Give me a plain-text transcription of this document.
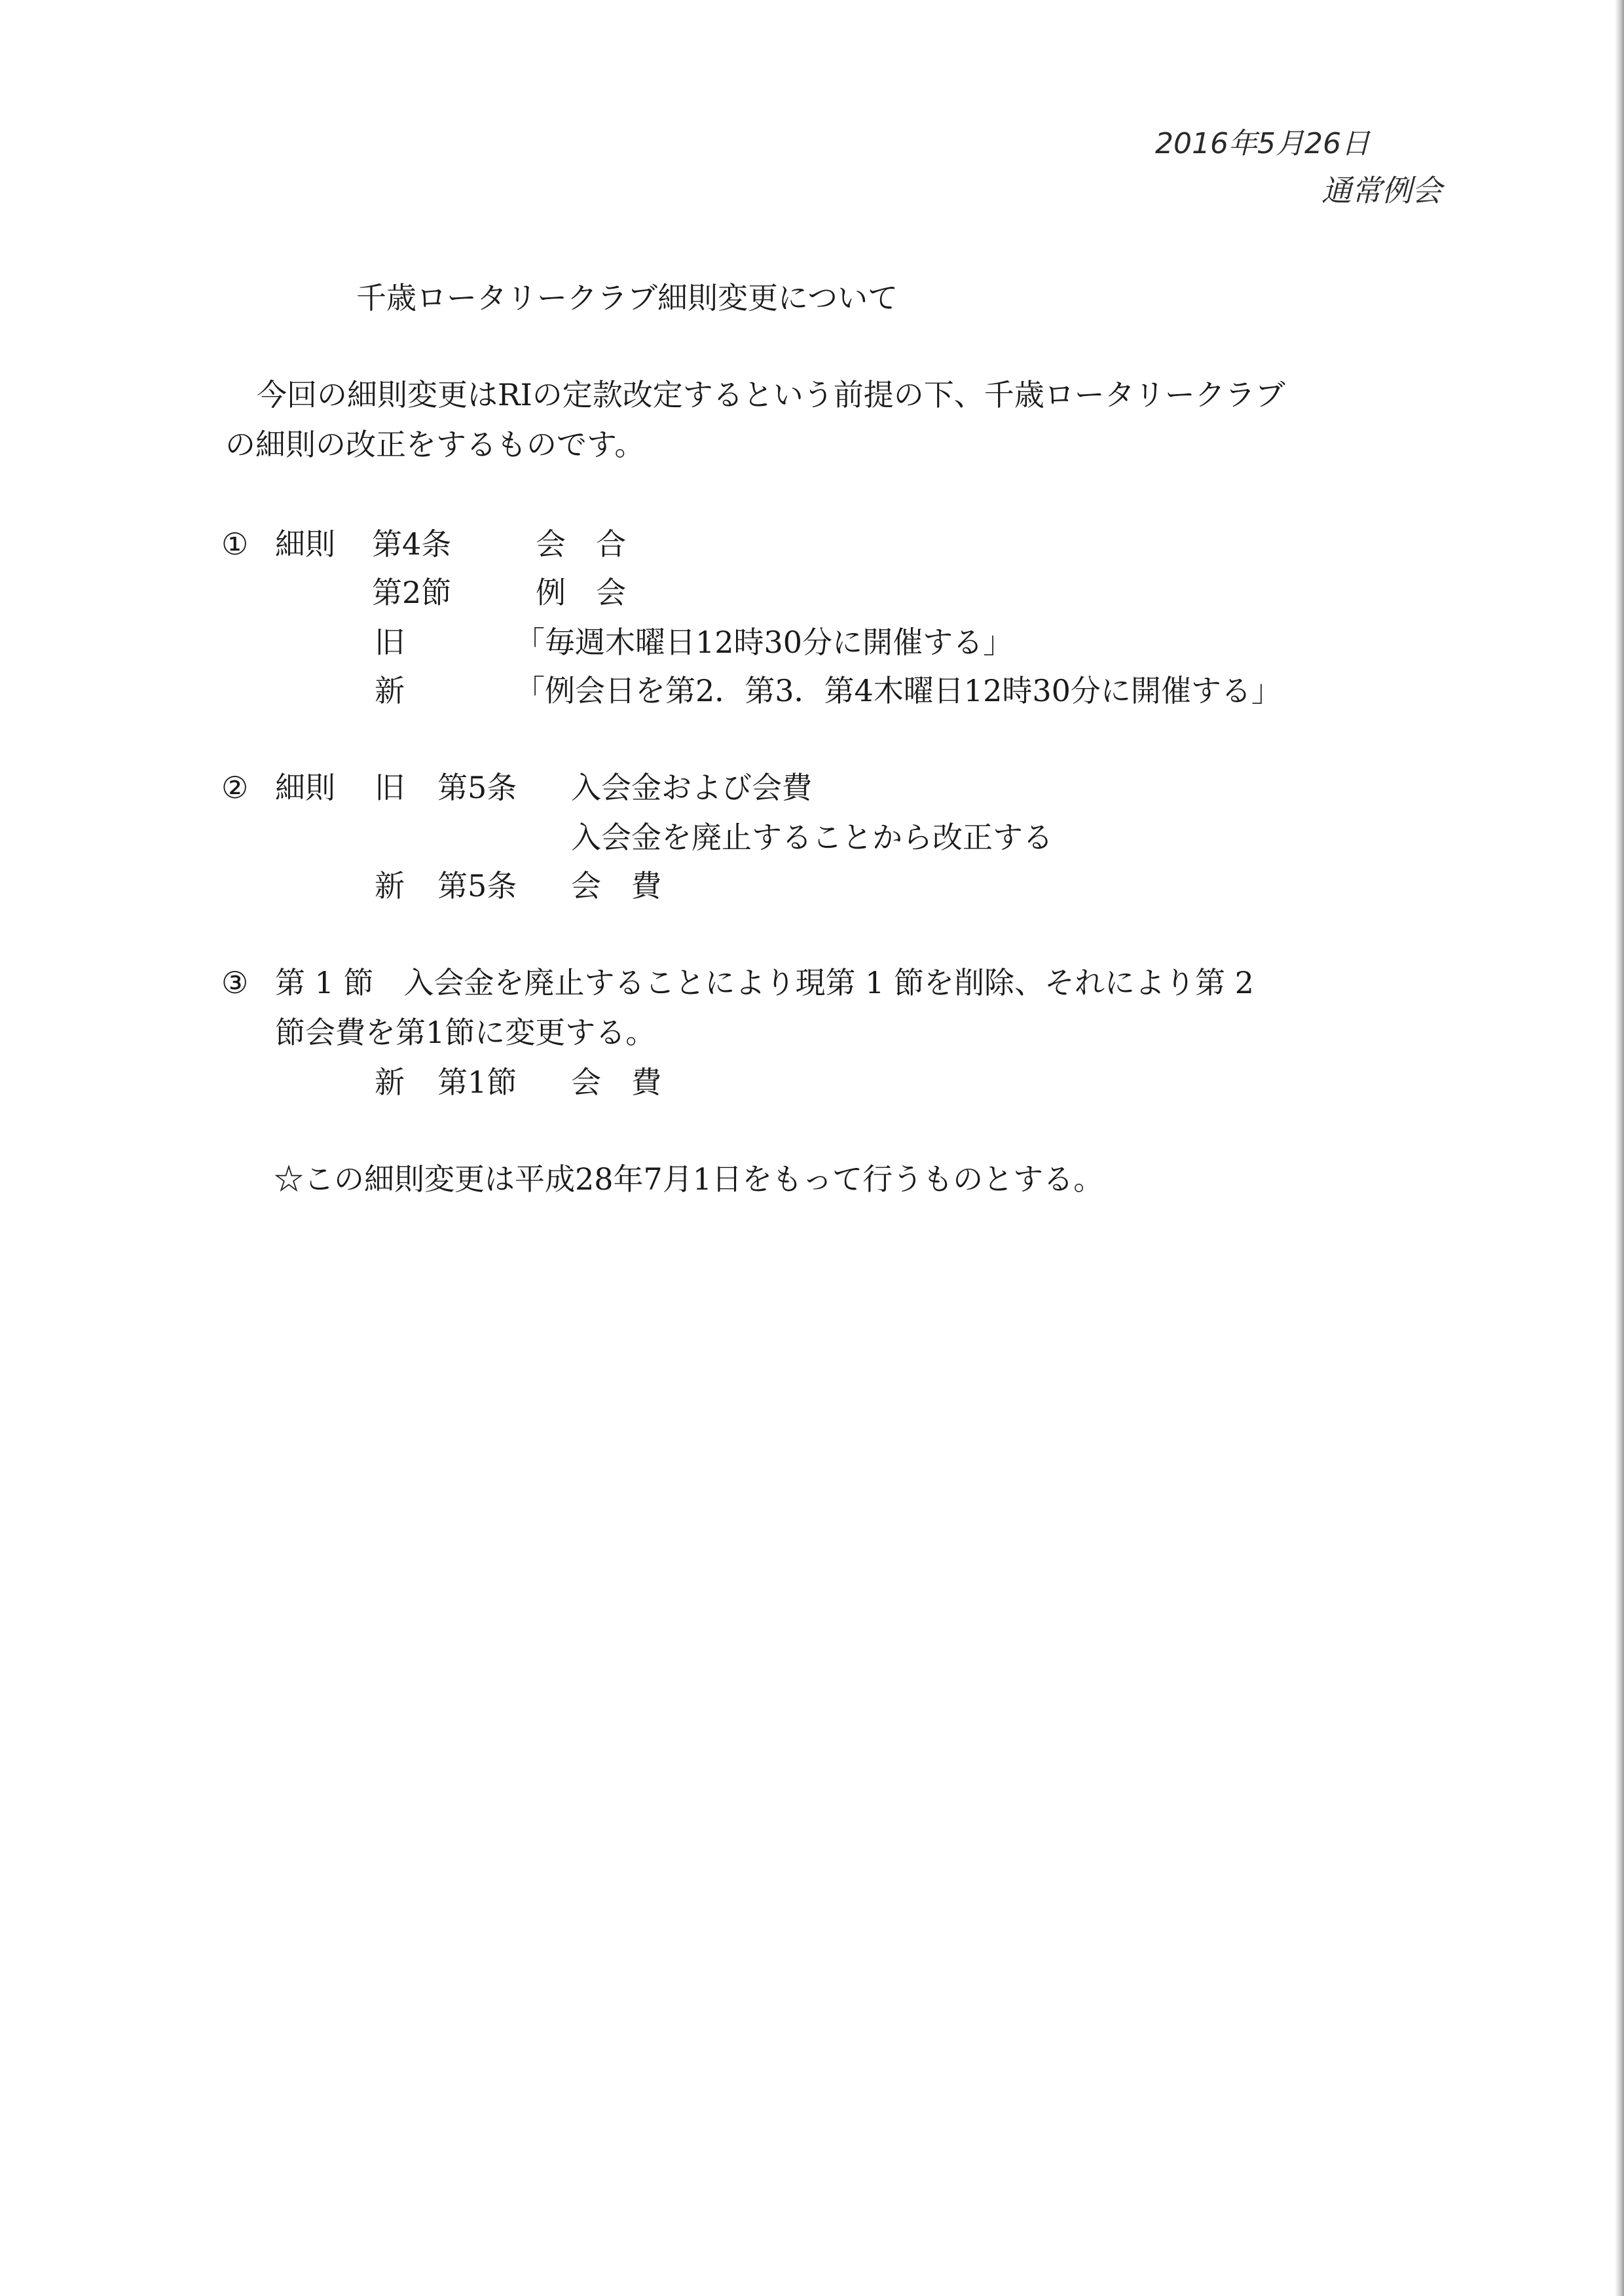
2016年5月26日
通常例会
千歳ロータリークラブ細則変更について
今回の細則変更はRIの定款改定するという前提の下、千歳ロータリークラブ
の細則の改正をするものです。
① 細則 第4条	会　合
第2節	例　会
旧	「毎週木曜日12時30分に開催する」
新	「例会日を第2．第3．第4木曜日12時30分に開催する」
② 細則 旧 第5条 入会金および会費
入会金を廃止することから改正する
新 第5条 会　費
③ 第 1 節　入会金を廃止することにより現第 1 節を削除、それにより第 2
節会費を第1節に変更する。
新 第1節 会　費
☆この細則変更は平成28年7月1日をもって行うものとする。
